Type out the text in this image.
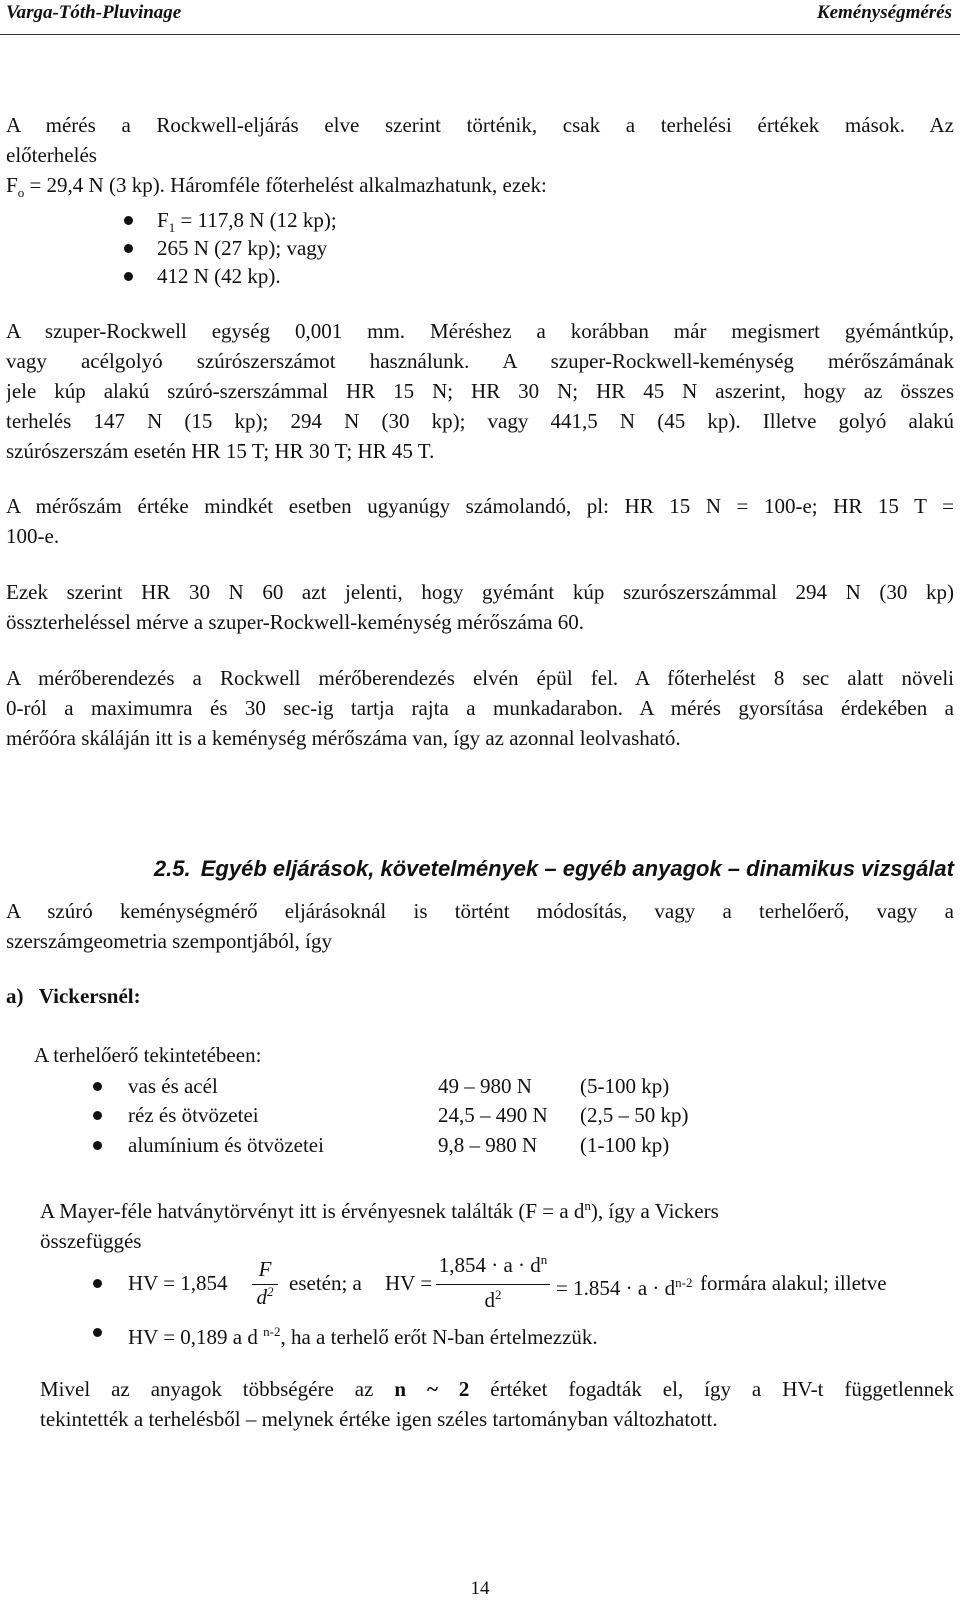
Varga-Tóth-Pluvinage	Keménységmérés
A mérés a Rockwell-eljárás elve szerint történik, csak a terhelési értékek mások. Az
előterhelés
$F_o = 29,4$ N (3 kp). Háromféle főterhelést alkalmazhatunk, ezek:
$F_1 = 117,8$ N (12 kp);
265 N (27 kp); vagy
412 N (42 kp).
A szuper-Rockwell egység 0,001 mm. Méréshez a korábban már megismert gyémántkúp,
vagy acélgolyó szúrószerszámot használunk. A szuper-Rockwell-keménység mérőszámának
jele kúp alakú szúró-szerszámmal HR 15 N; HR 30 N; HR 45 N aszerint, hogy az összes
terhelés 147 N (15 kp); 294 N (30 kp); vagy 441,5 N (45 kp). Illetve golyó alakú
szúrószerszám esetén HR 15 T; HR 30 T; HR 45 T.
A mérőszám értéke mindkét esetben ugyanúgy számolandó, pl: HR 15 N = 100-e; HR 15 T =
100-e.
Ezek szerint HR 30 N 60 azt jelenti, hogy gyémánt kúp szurószerszámmal 294 N (30 kp)
összterheléssel mérve a szuper-Rockwell-keménység mérőszáma 60.
A mérőberendezés a Rockwell mérőberendezés elvén épül fel. A főterhelést 8 sec alatt növeli
0-ról a maximumra és 30 sec-ig tartja rajta a munkadarabon. A mérés gyorsítása érdekében a
mérőóra skáláján itt is a keménység mérőszáma van, így az azonnal leolvasható.
2.5. Egyéb eljárások, követelmények – egyéb anyagok – dinamikus vizsgálat
A szúró keménységmérő eljárásoknál is történt módosítás, vagy a terhelőerő, vagy a
szerszámgeometria szempontjából, így
a) Vickersnél:
A terhelőerő tekintetébeen:
vas és acél	49 – 980 N (5-100 kp)
réz és ötvözetei	24,5 – 490 N (2,5 – 50 kp)
alumínium és ötvözetei	9,8 – 980 N (1-100 kp)
A Mayer-féle hatványtörvényt itt is érvényesnek találták (F = a $d^n$), így a Vickers
összefüggés
HV = 1,854
F
$d^2$ esetén; a HV =
$1,854 \cdot a \cdot d^n$
$d^2$	= $1.854 \cdot a \cdot d^{n-2}$ formára alakul; illetve
HV = 0,189 a d $^{n-2}$, ha a terhelő erőt N-ban értelmezzük.
Mivel az anyagok többségére az n ~ 2 értéket fogadták el, így a HV-t függetlennek
tekintették a terhelésből – melynek értéke igen széles tartományban változhatott.
14
